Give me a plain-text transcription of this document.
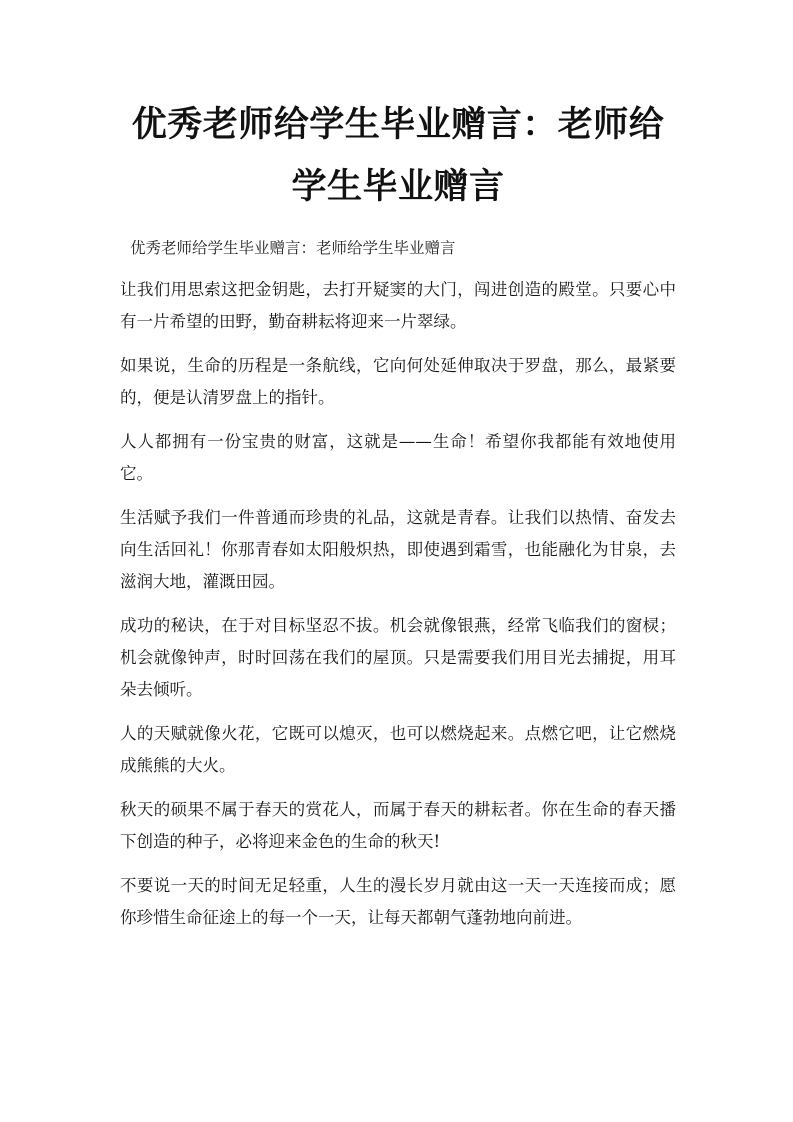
优秀老师给学生毕业赠言：老师给学生毕业赠言
优秀老师给学生毕业赠言：老师给学生毕业赠言

让我们用思索这把金钥匙，去打开疑窦的大门，闯进创造的殿堂。只要心中有一片希望的田野，勤奋耕耘将迎来一片翠绿。

如果说，生命的历程是一条航线，它向何处延伸取决于罗盘，那么，最紧要的，便是认清罗盘上的指针。

人人都拥有一份宝贵的财富，这就是——生命！希望你我都能有效地使用它。

生活赋予我们一件普通而珍贵的礼品，这就是青春。让我们以热情、奋发去向生活回礼！你那青春如太阳般炽热，即使遇到霜雪，也能融化为甘泉，去滋润大地，灌溉田园。

成功的秘诀，在于对目标坚忍不拔。机会就像银燕，经常飞临我们的窗棂；机会就像钟声，时时回荡在我们的屋顶。只是需要我们用目光去捕捉，用耳朵去倾听。

人的天赋就像火花，它既可以熄灭，也可以燃烧起来。点燃它吧，让它燃烧成熊熊的大火。

秋天的硕果不属于春天的赏花人，而属于春天的耕耘者。你在生命的春天播下创造的种子，必将迎来金色的生命的秋天!

不要说一天的时间无足轻重，人生的漫长岁月就由这一天一天连接而成；愿你珍惜生命征途上的每一个一天，让每天都朝气蓬勃地向前进。
